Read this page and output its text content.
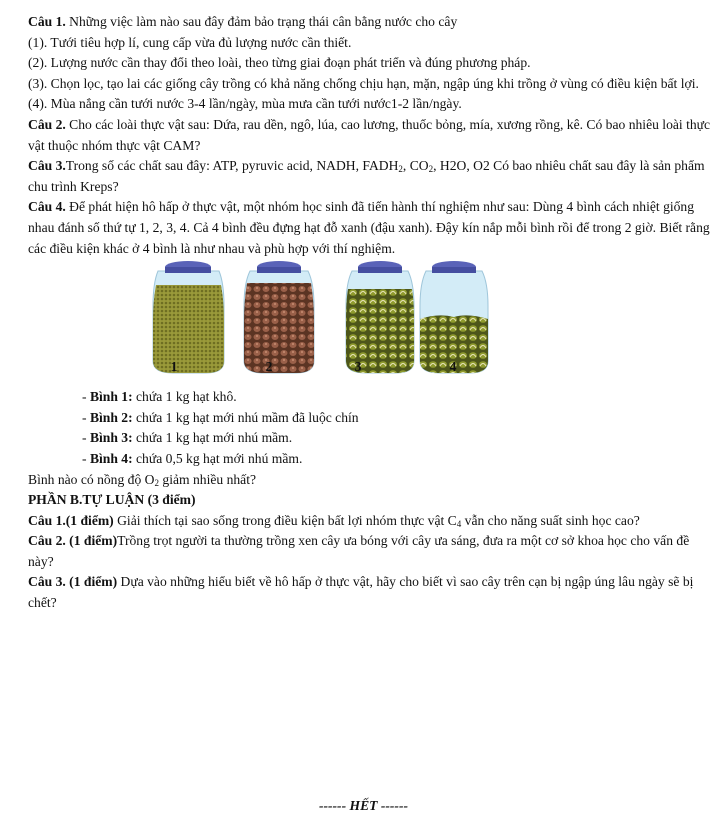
Câu 1. Những việc làm nào sau đây đảm bảo trạng thái cân bằng nước cho cây

(1). Tưới tiêu hợp lí, cung cấp vừa đủ lượng nước cần thiết.

(2). Lượng nước cần thay đổi theo loài, theo từng giai đoạn phát triển và đúng phương pháp.

(3). Chọn lọc, tạo lai các giống cây trồng có khả năng chống chịu hạn, mặn, ngập úng khi trồng ở vùng có điều kiện bất lợi.

(4). Mùa nắng cần tưới nước 3-4 lần/ngày, mùa mưa cần tưới nước1-2 lần/ngày.

Câu 2. Cho các loài thực vật sau: Dứa, rau dền, ngô, lúa, cao lương, thuốc bỏng, mía, xương rồng, kê. Có bao nhiêu loài thực vật thuộc nhóm thực vật CAM?

Câu 3.Trong số các chất sau đây: ATP, pyruvic acid, NADH, $FADH_2$, $CO_2$, H2O, O2 Có bao nhiêu chất sau đây là sản phẩm chu trình Kreps?

Câu 4. Để phát hiện hô hấp ở thực vật, một nhóm học sinh đã tiến hành thí nghiệm như sau: Dùng 4 bình cách nhiệt giống nhau đánh số thứ tự 1, 2, 3, 4. Cả 4 bình đều đựng hạt đỗ xanh (đậu xanh). Đậy kín nắp mỗi bình rồi để trong 2 giờ. Biết rằng các điều kiện khác ở 4 bình là như nhau và phù hợp với thí nghiệm.

1	2	3	4

- Bình 1: chứa 1 kg hạt khô.

- Bình 2: chứa 1 kg hạt mới nhú mầm đã luộc chín

- Bình 3: chứa 1 kg hạt mới nhú mầm.

- Bình 4: chứa 0,5 kg hạt mới nhú mầm.

Bình nào có nồng độ $O_2$ giảm nhiều nhất?

PHẦN B.TỰ LUẬN (3 điểm)

Câu 1.(1 điểm) Giải thích tại sao sống trong điều kiện bất lợi nhóm thực vật $C_4$ vẫn cho năng suất sinh học cao?

Câu 2. (1 điểm)Trồng trọt người ta thường trồng xen cây ưa bóng với cây ưa sáng, đưa ra một cơ sở khoa học cho vấn đề này?

Câu 3. (1 điểm) Dựa vào những hiểu biết về hô hấp ở thực vật, hãy cho biết vì sao cây trên cạn bị ngập úng lâu ngày sẽ bị chết?

------ HẾT ------
